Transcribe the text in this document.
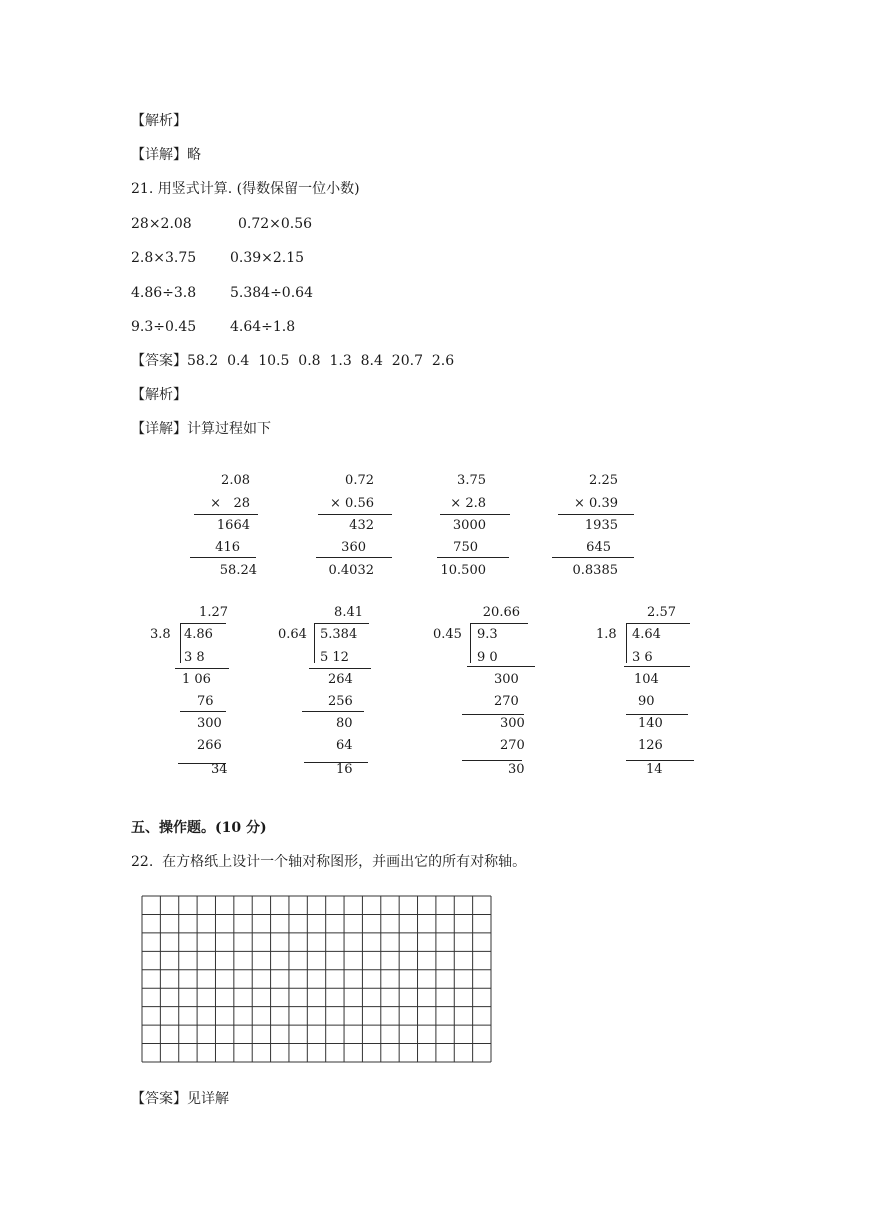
【解析】
【详解】略
21. 用竖式计算. (得数保留一位小数)
28×2.08	0.72×0.56
2.8×3.75 0.39×2.15
4.86÷3.8 5.384÷0.64
9.3÷0.45 4.64÷1.8
【答案】58.2  0.4  10.5  0.8  1.3  8.4  20.7  2.6
【解析】
【详解】计算过程如下
2.08
×   28
1664
416
58.24
0.72
× 0.56
432
360
0.4032
3.75
× 2.8
3000
750
10.500
2.25
× 0.39
1935
645
0.8385
1.27
3.8 4.86
3 8
1 06
76
300
266
34
8.41
0.64 5.384
5 12
264
256
80
64
16
20.66
0.45 9.3
9 0
300
270
300
270
30
2.57
1.8 4.64
3 6
104
90
140
126
14
五、操作题。(10 分)
22.  在方格纸上设计一个轴对称图形，并画出它的所有对称轴。
【答案】见详解
